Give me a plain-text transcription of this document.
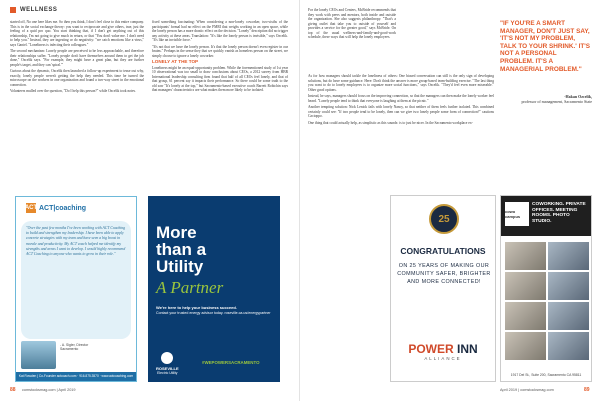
WELLNESS

started off, No one here likes me. So then you think, I don't feel close to this entire company. This is in the social exchange theory: you want to reciprocate and give others, true, just the feeling of a quid pro quo. You start thinking that, if I don't get anything out of this relationship, I'm not going to give much in return, or that "You don't value me. I don't need to help you." Instead, they are ingesting or do negativity: "we catch emotions like a virus," says Ganiel. "Loneliness is infecting their colleagues."

The second mechanism: Lonely people are perceived to be less approachable, and therefore their relationships suffer. "Lonely people don't have themselves around them to get the job done," Ozcelik says. "For example, they might have a great plan, but they are further people's target, and they can 'spiral.'"

Curious about the dynamic, Ozcelik then launched a follow-up experiment to tease out why, exactly, lonely people weren't getting the help they needed. This time he turned the microscope on the workers in one organization and found a two-way street in the emotional connection.

Volunteers mulled over the question, "Do I help this person?" while Ozcelik took notes.

fixed something fascinating: When considering a non-lonely coworker, two-sixths of the participants' formal had no effect on the FMRI that weighs working in an open space, while the lonely person has a more drastic effect on the decision. "Lonely" description did no trigger any activity at these areas. Translation: "It's like the lonely person is invisible," says Ozcelik. "It's like an invisible force."

"It's not that we have the lonely person. It's that the lonely person doesn't even register in our brains." Perhaps in the sense they that we quickly vanish as homeless person on the street, we simply choose to ignore a lonely coworker.

LONELY AT THE TOP

Loneliness might be an equal-opportunity problem. While the forementioned study of 1st year 10 observational was too small to draw conclusions about CEOs, a 2012 survey from HBR International leadership consulting firm found that half of all CEOs feel lonely, and that of that group, 61 percent say it impacts their performance. So there could be some truth to the old saw "It's lonely at the top," but Sacramento-based executive coach Barrett Robichin says that managers' characteristics are what makes them more likely to be isolated.

ACT ACT|coaching
"Over the past few months I've been working with ACT Coaching to build and strengthen my leadership. I have been able to apply concrete strategies with my team and have seen a big boost in morale and productivity. My ACT coach helped me identify my strengths and areas I want to develop. I would highly recommend ACT Coaching to anyone who wants to grow in their role."
- A. Sigler, Director
Sacramento
Kat Rowden | Co-Founder actcoach.com · 916.875.3570 · www.actcoaching.com
More
than a
Utility
A Partner
We're here to help your business succeed.
Contact your trusted energy advisor today. roseville.ca.us/energypartner
ROSEVILLE
Electric Utility
#WEPOWERSACRAMENTO
88 comstocksmag.com | April 2019

For the lonely CEOs and Centers, McBride recommends that they work with peers and mentors, both inside and outside the organization. She also suggests philanthropy. "That's a giving outlet that take you to outside of yourself and provides a service for the greater good," says McBride. On top of the usual wellness-and-family-and-good-work schedule, these ways that will help the lonely employees.

As for how managers should tackle the loneliness of others: One biased conversation can still is the only sign of developing solutions, but do have some guidance. Here: Don't think the answer is more group-based team-building exercise. "The last thing you want to do to lonely employees is to organize more social functions," says Ozcelik. "They'd feel even more miserable." Other good options.

Instead, he says, managers should focus on the improving connection, so that the managers can then make the lonely worker feel heard. "Lonely people tend to think that everyone is laughing at them at the picnic."

Another tempting solution: Nick Lenick fails with lonely Nancy, so that neither of them feels further isolated. This combined certainly could see: "If two people tend to be lonely, then can we give two lonely people some form of connection?" cautions Cacioppo.

One thing that could actually help, as simplistic as this sounds: is to just be nicer. In the Sacramento workplace ex-

"IF YOU'RE A SMART MANAGER, DON'T JUST SAY, 'IT'S NOT MY PROBLEM, TALK TO YOUR SHRINK.' IT'S NOT A PERSONAL PROBLEM. IT'S A MANAGERIAL PROBLEM."
-Hakan Ozcelik,
professor of management, Sacramento State
25
CONGRATULATIONS
ON 25 YEARS OF MAKING OUR COMMUNITY SAFER, BRIGHTER AND MORE CONNECTED!
POWER INN
ALLIANCE
cowo campus
COWORKING. PRIVATE OFFICES. MEETING ROOMS. PHOTO STUDIO.
1917 Del St., Suite 200, Sacramento CA 95811
April 2019 | comstocksmag.com	89
